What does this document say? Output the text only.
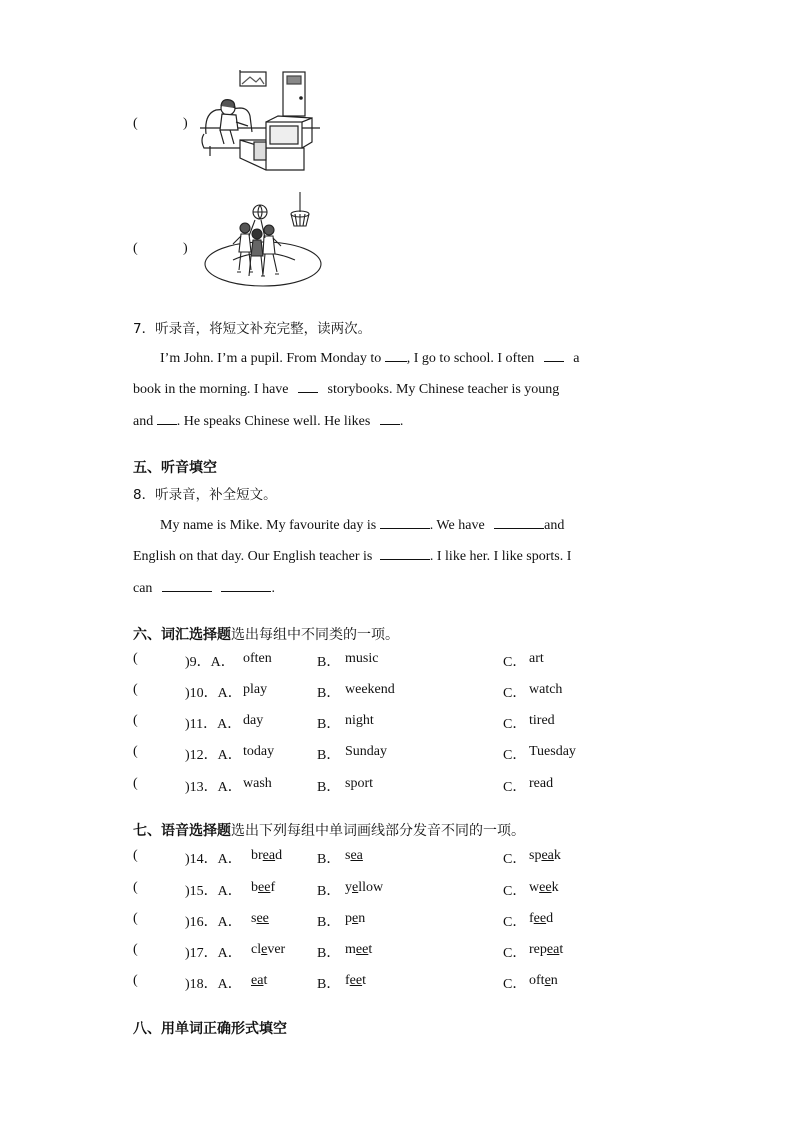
(	)
(	)
7．听录音，将短文补充完整，读两次。
I’m John. I’m a pupil. From Monday to , I go to school. I often	a
book in the morning. I have	storybooks. My Chinese teacher is young
and . He speaks Chinese well. He likes .
五、听音填空
8．听录音，补全短文。
My name is Mike. My favourite day is	. We have	and
English on that day. Our English teacher is	. I like her. I like sports. I
can	.
六、词汇选择题选出每组中不同类的一项。
(	)9．A． often	B． music	C． art
(	)10．A． play	B． weekend	C． watch
(	)11．A． day	B． night	C． tired
(	)12．A． today	B． Sunday	C． Tuesday
(	)13．A． wash	B． sport	C． read
七、语音选择题选出下列每组中单词画线部分发音不同的一项。
(	)14．A． bread B． sea	C． speak
(	)15．A． beef	B． yellow	C． week
(	)16．A． see	B． pen	C． feed
(	)17．A． clever B． meet	C． repeat
(	)18．A． eat	B． feet	C． often
八、用单词正确形式填空
